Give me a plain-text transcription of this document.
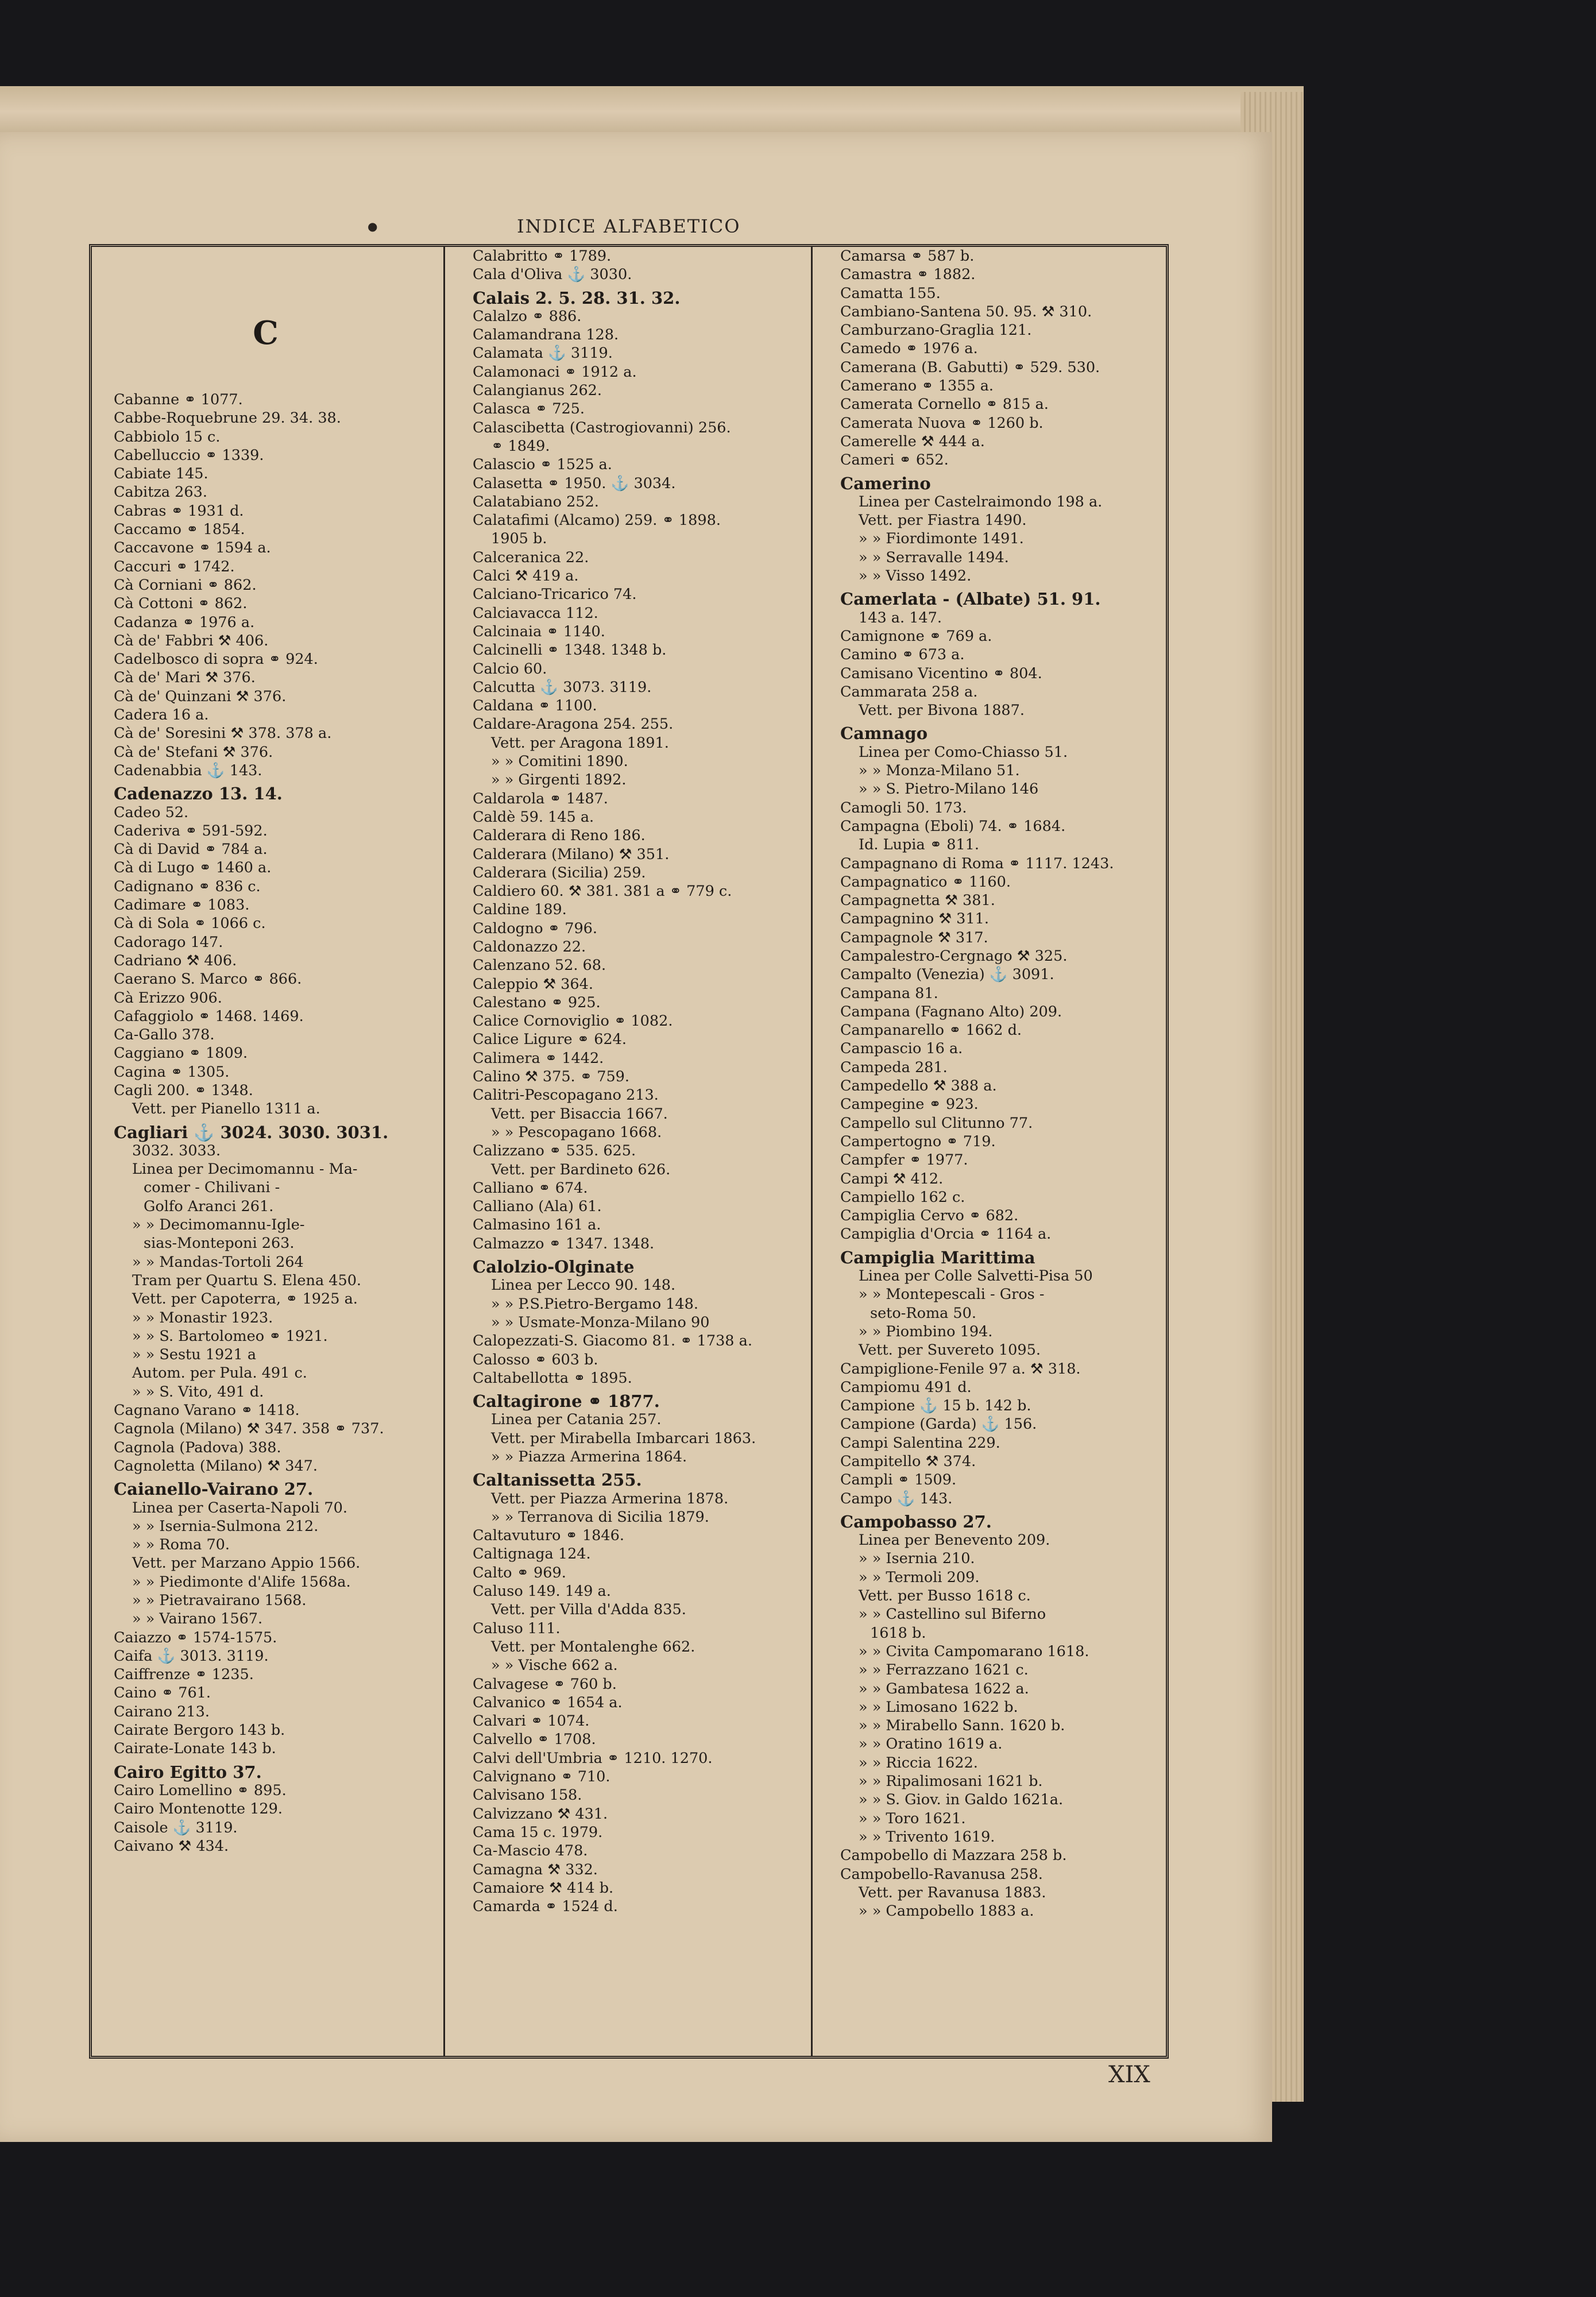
●	INDICE ALFABETICO
C
Cabanne ⚭ 1077.
Cabbe-Roquebrune 29. 34. 38.
Cabbiolo 15 c.
Cabelluccio ⚭ 1339.
Cabiate 145.
Cabitza 263.
Cabras ⚭ 1931 d.
Caccamo ⚭ 1854.
Caccavone ⚭ 1594 a.
Caccuri ⚭ 1742.
Cà Corniani ⚭ 862.
Cà Cottoni ⚭ 862.
Cadanza ⚭ 1976 a.
Cà de' Fabbri ⚒ 406.
Cadelbosco di sopra ⚭ 924.
Cà de' Mari ⚒ 376.
Cà de' Quinzani ⚒ 376.
Cadera 16 a.
Cà de' Soresini ⚒ 378. 378 a.
Cà de' Stefani ⚒ 376.
Cadenabbia ⚓ 143.
Cadenazzo 13. 14.
Cadeo 52.
Caderiva ⚭ 591-592.
Cà di David ⚭ 784 a.
Cà di Lugo ⚭ 1460 a.
Cadignano ⚭ 836 c.
Cadimare ⚭ 1083.
Cà di Sola ⚭ 1066 c.
Cadorago 147.
Cadriano ⚒ 406.
Caerano S. Marco ⚭ 866.
Cà Erizzo 906.
Cafaggiolo ⚭ 1468. 1469.
Ca-Gallo 378.
Caggiano ⚭ 1809.
Cagina ⚭ 1305.
Cagli 200. ⚭ 1348.
Vett. per Pianello 1311 a.
Cagliari ⚓ 3024. 3030. 3031.
3032. 3033.
Linea per Decimomannu - Ma-
comer - Chilivani -
Golfo Aranci 261.
» » Decimomannu-Igle-
sias-Monteponi 263.
» » Mandas-Tortoli 264
Tram per Quartu S. Elena 450.
Vett. per Capoterra, ⚭ 1925 a.
» » Monastir 1923.
» » S. Bartolomeo ⚭ 1921.
» » Sestu 1921 a
Autom. per Pula. 491 c.
» » S. Vito, 491 d.
Cagnano Varano ⚭ 1418.
Cagnola (Milano) ⚒ 347. 358 ⚭ 737.
Cagnola (Padova) 388.
Cagnoletta (Milano) ⚒ 347.
Caianello-Vairano 27.
Linea per Caserta-Napoli 70.
» » Isernia-Sulmona 212.
» » Roma 70.
Vett. per Marzano Appio 1566.
» » Piedimonte d'Alife 1568a.
» » Pietravairano 1568.
» » Vairano 1567.
Caiazzo ⚭ 1574-1575.
Caifa ⚓ 3013. 3119.
Caiffrenze ⚭ 1235.
Caino ⚭ 761.
Cairano 213.
Cairate Bergoro 143 b.
Cairate-Lonate 143 b.
Cairo Egitto 37.
Cairo Lomellino ⚭ 895.
Cairo Montenotte 129.
Caisole ⚓ 3119.
Caivano ⚒ 434.
Calabritto ⚭ 1789.
Cala d'Oliva ⚓ 3030.
Calais 2. 5. 28. 31. 32.
Calalzo ⚭ 886.
Calamandrana 128.
Calamata ⚓ 3119.
Calamonaci ⚭ 1912 a.
Calangianus 262.
Calasca ⚭ 725.
Calascibetta (Castrogiovanni) 256.
⚭ 1849.
Calascio ⚭ 1525 a.
Calasetta ⚭ 1950. ⚓ 3034.
Calatabiano 252.
Calatafimi (Alcamo) 259. ⚭ 1898.
1905 b.
Calceranica 22.
Calci ⚒ 419 a.
Calciano-Tricarico 74.
Calciavacca 112.
Calcinaia ⚭ 1140.
Calcinelli ⚭ 1348. 1348 b.
Calcio 60.
Calcutta ⚓ 3073. 3119.
Caldana ⚭ 1100.
Caldare-Aragona 254. 255.
Vett. per Aragona 1891.
» » Comitini 1890.
» » Girgenti 1892.
Caldarola ⚭ 1487.
Caldè 59. 145 a.
Calderara di Reno 186.
Calderara (Milano) ⚒ 351.
Calderara (Sicilia) 259.
Caldiero 60. ⚒ 381. 381 a ⚭ 779 c.
Caldine 189.
Caldogno ⚭ 796.
Caldonazzo 22.
Calenzano 52. 68.
Caleppio ⚒ 364.
Calestano ⚭ 925.
Calice Cornoviglio ⚭ 1082.
Calice Ligure ⚭ 624.
Calimera ⚭ 1442.
Calino ⚒ 375. ⚭ 759.
Calitri-Pescopagano 213.
Vett. per Bisaccia 1667.
» » Pescopagano 1668.
Calizzano ⚭ 535. 625.
Vett. per Bardineto 626.
Calliano ⚭ 674.
Calliano (Ala) 61.
Calmasino 161 a.
Calmazzo ⚭ 1347. 1348.
Calolzio-Olginate
Linea per Lecco 90. 148.
» » P.S.Pietro-Bergamo 148.
» » Usmate-Monza-Milano 90
Calopezzati-S. Giacomo 81. ⚭ 1738 a.
Calosso ⚭ 603 b.
Caltabellotta ⚭ 1895.
Caltagirone ⚭ 1877.
Linea per Catania 257.
Vett. per Mirabella Imbarcari 1863.
» » Piazza Armerina 1864.
Caltanissetta 255.
Vett. per Piazza Armerina 1878.
» » Terranova di Sicilia 1879.
Caltavuturo ⚭ 1846.
Caltignaga 124.
Calto ⚭ 969.
Caluso 149. 149 a.
Vett. per Villa d'Adda 835.
Caluso 111.
Vett. per Montalenghe 662.
» » Vische 662 a.
Calvagese ⚭ 760 b.
Calvanico ⚭ 1654 a.
Calvari ⚭ 1074.
Calvello ⚭ 1708.
Calvi dell'Umbria ⚭ 1210. 1270.
Calvignano ⚭ 710.
Calvisano 158.
Calvizzano ⚒ 431.
Cama 15 c. 1979.
Ca-Mascio 478.
Camagna ⚒ 332.
Camaiore ⚒ 414 b.
Camarda ⚭ 1524 d.
Camarsa ⚭ 587 b.
Camastra ⚭ 1882.
Camatta 155.
Cambiano-Santena 50. 95. ⚒ 310.
Camburzano-Graglia 121.
Camedo ⚭ 1976 a.
Camerana (B. Gabutti) ⚭ 529. 530.
Camerano ⚭ 1355 a.
Camerata Cornello ⚭ 815 a.
Camerata Nuova ⚭ 1260 b.
Camerelle ⚒ 444 a.
Cameri ⚭ 652.
Camerino
Linea per Castelraimondo 198 a.
Vett. per Fiastra 1490.
» » Fiordimonte 1491.
» » Serravalle 1494.
» » Visso 1492.
Camerlata - (Albate) 51. 91.
143 a. 147.
Camignone ⚭ 769 a.
Camino ⚭ 673 a.
Camisano Vicentino ⚭ 804.
Cammarata 258 a.
Vett. per Bivona 1887.
Camnago
Linea per Como-Chiasso 51.
» » Monza-Milano 51.
» » S. Pietro-Milano 146
Camogli 50. 173.
Campagna (Eboli) 74. ⚭ 1684.
Id. Lupia ⚭ 811.
Campagnano di Roma ⚭ 1117. 1243.
Campagnatico ⚭ 1160.
Campagnetta ⚒ 381.
Campagnino ⚒ 311.
Campagnole ⚒ 317.
Campalestro-Cergnago ⚒ 325.
Campalto (Venezia) ⚓ 3091.
Campana 81.
Campana (Fagnano Alto) 209.
Campanarello ⚭ 1662 d.
Campascio 16 a.
Campeda 281.
Campedello ⚒ 388 a.
Campegine ⚭ 923.
Campello sul Clitunno 77.
Campertogno ⚭ 719.
Campfer ⚭ 1977.
Campi ⚒ 412.
Campiello 162 c.
Campiglia Cervo ⚭ 682.
Campiglia d'Orcia ⚭ 1164 a.
Campiglia Marittima
Linea per Colle Salvetti-Pisa 50
» » Montepescali - Gros -
seto-Roma 50.
» » Piombino 194.
Vett. per Suvereto 1095.
Campiglione-Fenile 97 a. ⚒ 318.
Campiomu 491 d.
Campione ⚓ 15 b. 142 b.
Campione (Garda) ⚓ 156.
Campi Salentina 229.
Campitello ⚒ 374.
Campli ⚭ 1509.
Campo ⚓ 143.
Campobasso 27.
Linea per Benevento 209.
» » Isernia 210.
» » Termoli 209.
Vett. per Busso 1618 c.
» » Castellino sul Biferno
1618 b.
» » Civita Campomarano 1618.
» » Ferrazzano 1621 c.
» » Gambatesa 1622 a.
» » Limosano 1622 b.
» » Mirabello Sann. 1620 b.
» » Oratino 1619 a.
» » Riccia 1622.
» » Ripalimosani 1621 b.
» » S. Giov. in Galdo 1621a.
» » Toro 1621.
» » Trivento 1619.
Campobello di Mazzara 258 b.
Campobello-Ravanusa 258.
Vett. per Ravanusa 1883.
» » Campobello 1883 a.
XIX
